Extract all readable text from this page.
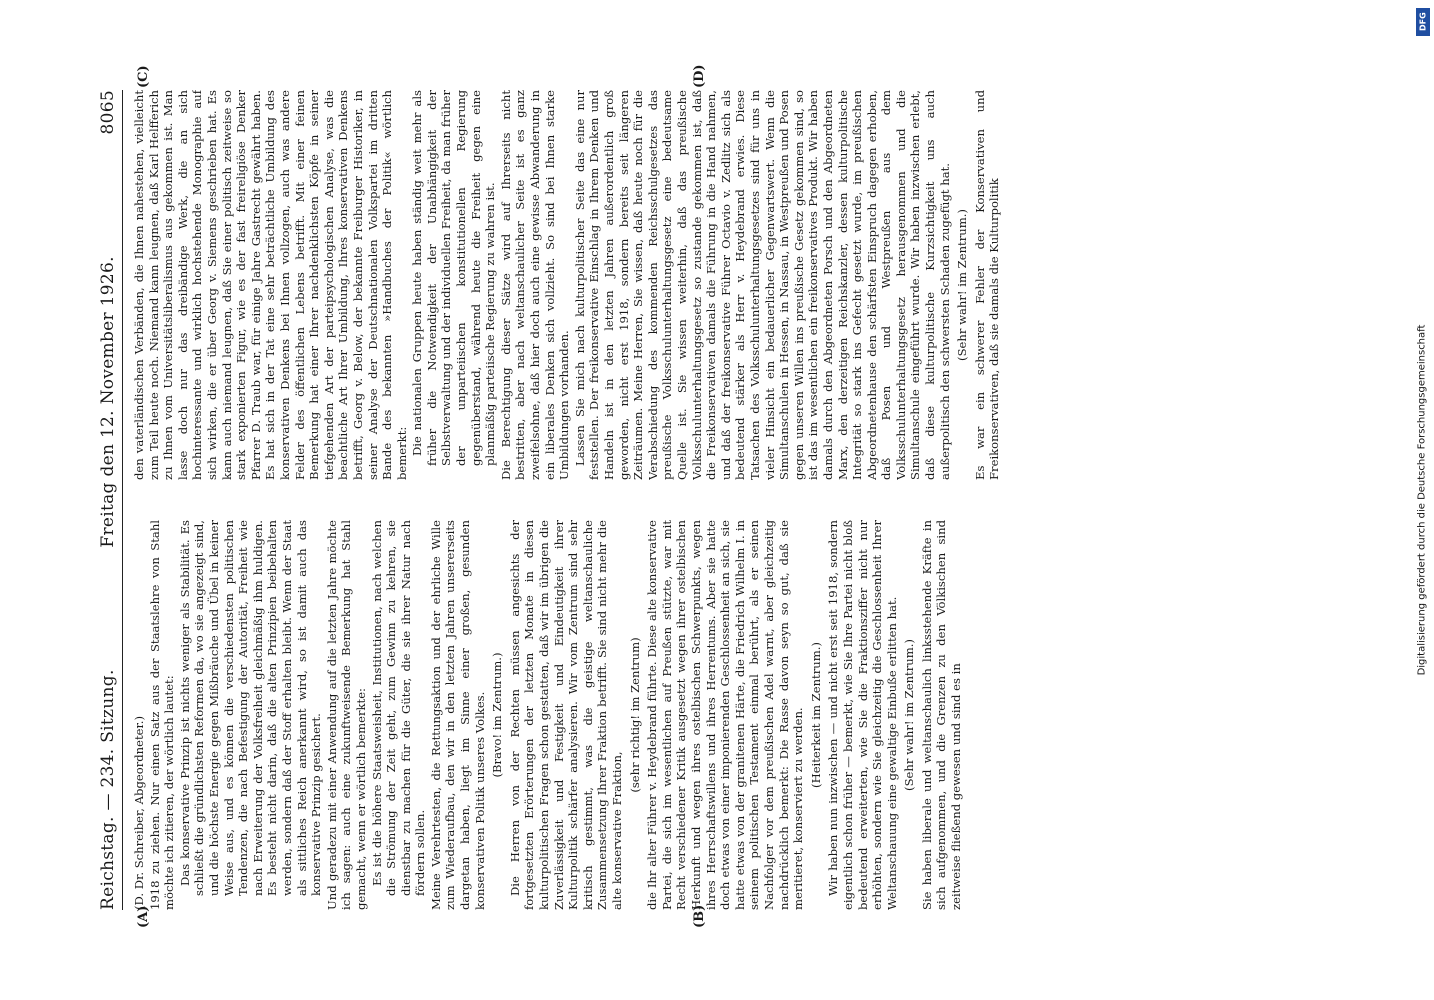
Reichstag. — 234. Sitzung.
Freitag den 12. November 1926.
8065
(A)	(B)
(C)	(D)

(D. Dr. Schreiber, Abgeordneter.) 1918 zu ziehen. Nur einen Satz aus der Staatslehre von Stahl möchte ich zitieren, der wörtlich lautet: Das konservative Prinzip ist nichts weniger als Stabilität. Es schließt die gründlichsten Reformen da, wo sie angezeigt sind, und die höchste Energie gegen Mißbräuche und Übel in keiner Weise aus, und es können die verschiedensten politischen Tendenzen, die nach Befestigung der Autorität, Freiheit wie nach Erweiterung der Volksfreiheit gleichmäßig ihm huldigen. Es besteht nicht darin, daß die alten Prinzipien beibehalten werden, sondern daß der Stoff erhalten bleibt. Wenn der Staat als sittliches Reich anerkannt wird, so ist damit auch das konservative Prinzip gesichert. Und geradezu mit einer Anwendung auf die letzten Jahre möchte ich sagen: auch eine zukunftweisende Bemerkung hat Stahl gemacht, wenn er wörtlich bemerkte: Es ist die höhere Staatsweisheit, Institutionen, nach welchen die Strömung der Zeit geht, zum Gewinn zu kehren, sie dienstbar zu machen für die Güter, die sie ihrer Natur nach fördern sollen. Meine Verehrtesten, die Rettungsaktion und der ehrliche Wille zum Wiederaufbau, den wir in den letzten Jahren unsererseits dargetan haben, liegt im Sinne einer großen, gesunden konservativen Politik unseres Volkes. (Bravo! im Zentrum.) Die Herren von der Rechten müssen angesichts der fortgesetzten Erörterungen der letzten Monate in diesen kulturpolitischen Fragen schon gestatten, daß wir im übrigen die Zuverlässigkeit und Festigkeit und Eindeutigkeit ihrer Kulturpolitik schärfer analysieren. Wir vom Zentrum sind sehr kritisch gestimmt, was die geistige weltanschauliche Zusammensetzung Ihrer Fraktion betrifft. Sie sind nicht mehr die alte konservative Fraktion,

(sehr richtig! im Zentrum) die Ihr alter Führer v. Heydebrand führte. Diese alte konservative Partei, die sich im wesentlichen auf Preußen stützte, war mit Recht verschiedener Kritik ausgesetzt wegen ihrer ostelbischen Herkunft und wegen ihres ostelbischen Schwerpunkts, wegen ihres Herrschaftswillens und ihres Herrentums. Aber sie hatte doch etwas von einer imponierenden Geschlossenheit an sich, sie hatte etwas von der granitenen Härte, die Friedrich Wilhelm I. in seinem politischen Testament einmal berührt, als er seinen Nachfolger vor dem preußischen Adel warnt, aber gleichzeitig nachdrücklich bemerkt: Die Rasse davon seyn so gut, daß sie meritieret, konserviert zu werden. (Heiterkeit im Zentrum.) Wir haben nun inzwischen — und nicht erst seit 1918, sondern eigentlich schon früher — bemerkt, wie Sie Ihre Partei nicht bloß bedeutend erweiterten, wie Sie die Fraktionsziffer nicht nur erhöhten, sondern wie Sie gleichzeitig die Geschlossenheit Ihrer Weltanschauung eine gewaltige Einbuße erlitten hat. (Sehr wahr! im Zentrum.) Sie haben liberale und weltanschaulich linksstehende Kräfte in sich aufgenommen, und die Grenzen zu den Völkischen sind zeitweise fließend gewesen und sind es in

den vaterländischen Verbänden, die Ihnen nahestehen, vielleicht zum Teil heute noch. Niemand kann leugnen, daß Karl Helfferich zu Ihnen vom Universitätsliberalismus aus gekommen ist. Man lasse doch nur das dreibändige Werk, die an sich hochinteressante und wirklich hochstehende Monographie auf sich wirken, die er über Georg v. Siemens geschrieben hat. Es kann auch niemand leugnen, daß Sie einer politisch zeitweise so stark exponierten Figur, wie es der fast freireligiöse Denker Pfarrer D. Traub war, für einige Jahre Gastrecht gewährt haben. Es hat sich in der Tat eine sehr beträchtliche Umbildung des konservativen Denkens bei Ihnen vollzogen, auch was andere Felder des öffentlichen Lebens betrifft. Mit einer feinen Bemerkung hat einer Ihrer nachdenklichsten Köpfe in seiner tiefgehenden Art der parteipsychologischen Analyse, was die beachtliche Art Ihrer Umbildung, Ihres konservativen Denkens betrifft, Georg v. Below, der bekannte Freiburger Historiker, in seiner Analyse der Deutschnationalen Volkspartei im dritten Bande des bekannten »Handbuches der Politik« wörtlich bemerkt: Die nationalen Gruppen heute haben ständig weit mehr als früher die Notwendigkeit der Unabhängigkeit der Selbstverwaltung und der individuellen Freiheit, da man früher der unparteiischen konstitutionellen Regierung gegenüberstand, während heute die Freiheit gegen eine planmäßig parteiische Regierung zu wahren ist. Die Berechtigung dieser Sätze wird auf Ihrerseits nicht bestritten, aber nach weltanschaulicher Seite ist es ganz zweifelsohne, daß hier doch auch eine gewisse Abwanderung in ein liberales Denken sich vollzieht. So sind bei Ihnen starke Umbildungen vorhanden. Lassen Sie mich nach kulturpolitischer Seite das eine nur feststellen. Der freikonservative Einschlag in Ihrem Denken und Handeln ist in den letzten Jahren außerordentlich groß geworden, nicht erst 1918, sondern bereits seit längeren Zeiträumen. Meine Herren, Sie wissen, daß heute noch für die Verabschiedung des kommenden Reichsschulgesetzes das preußische Volksschulunterhaltungsgesetz eine bedeutsame Quelle ist. Sie wissen weiterhin, daß das preußische Volksschulunterhaltungsgesetz so zustande gekommen ist, daß die Freikonservativen damals die Führung in die Hand nahmen, und daß der freikonservative Führer Octavio v. Zedlitz sich als bedeutend stärker als Herr v. Heydebrand erwies. Diese Tatsachen des Volksschulunterhaltungsgesetzes sind für uns in vieler Hinsicht ein bedauerlicher Gegenwartswert. Wenn die Simultanschulen in Hessen, in Nassau, in Westpreußen und Posen gegen unseren Willen ins preußische Gesetz gekommen sind, so ist das im wesentlichen ein freikonservatives Produkt. Wir haben damals durch den Abgeordneten Porsch und den Abgeordneten Marx, den derzeitigen Reichskanzler, dessen kulturpolitische Integrität so stark ins Gefecht gesetzt wurde, im preußischen Abgeordnetenhause den schärfsten Einspruch dagegen erhoben, daß Posen und Westpreußen aus dem Volksschulunterhaltungsgesetz herausgenommen und die Simultanschule eingeführt wurde. Wir haben inzwischen erlebt, daß diese kulturpolitische Kurzsichtigkeit uns auch außerpolitisch den schwersten Schaden zugefügt hat. (Sehr wahr! im Zentrum.) Es war ein schwerer Fehler der Konservativen und Freikonservativen, daß sie damals die Kulturpolitik

DFG
Digitalisierung gefördert durch die Deutsche Forschungsgemeinschaft
